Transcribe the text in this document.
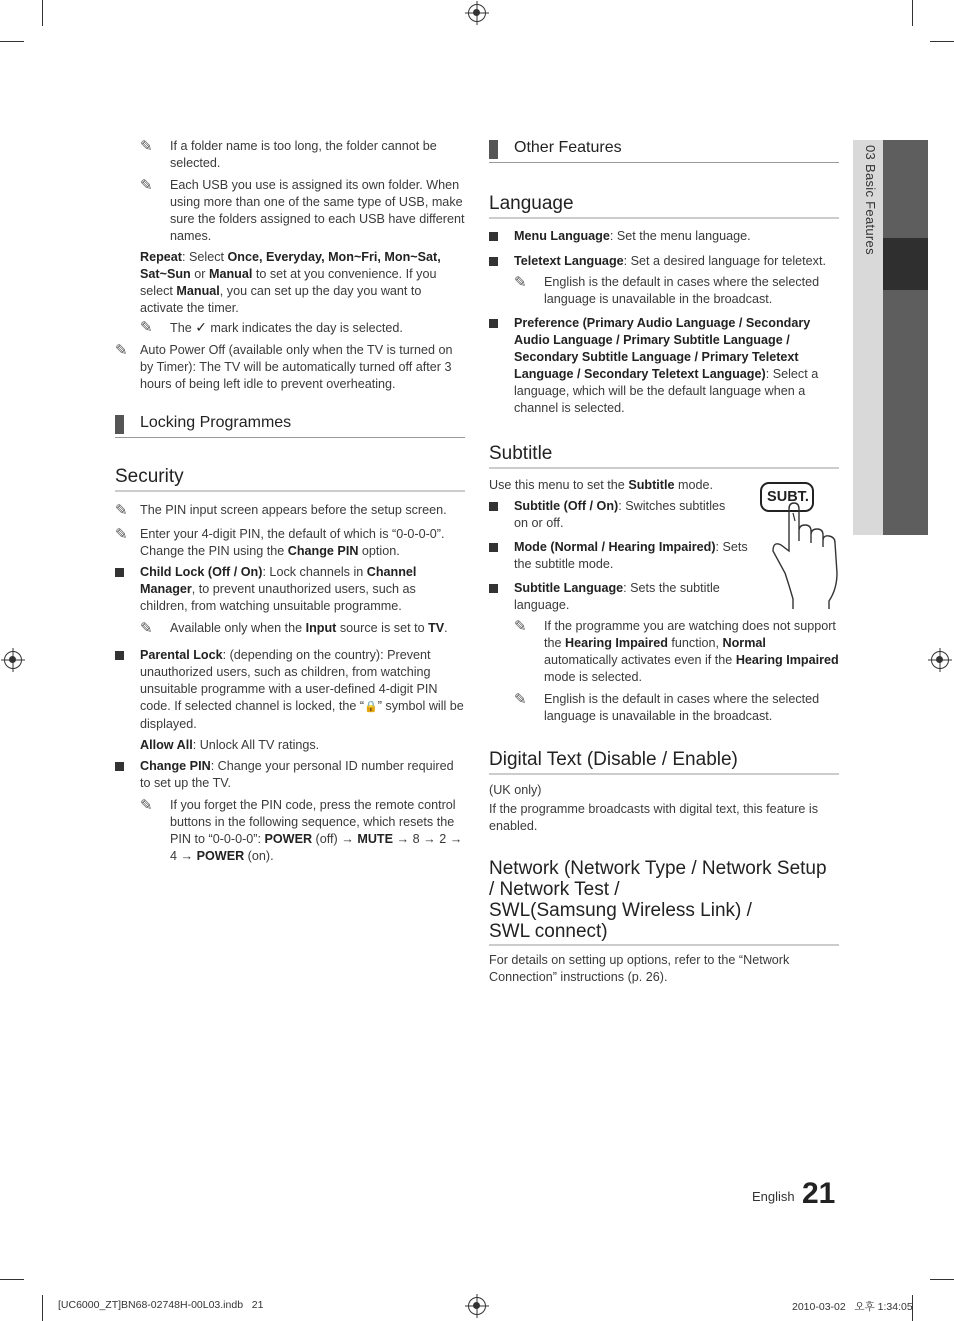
03 Basic Features
✎	If a folder name is too long, the folder cannot be selected.
✎	Each USB you use is assigned its own folder. When using more than one of the same type of USB, make sure the folders assigned to each USB have different names.

Repeat: Select Once, Everyday, Mon~Fri, Mon~Sat, Sat~Sun or Manual to set at you convenience. If you select Manual, you can set up the day you want to activate the timer.

✎	The ✓ mark indicates the day is selected.
✎ Auto Power Off (available only when the TV is turned on by Timer): The TV will be automatically turned off after 3 hours of being left idle to prevent overheating.
Locking Programmes
Security
✎ The PIN input screen appears before the setup screen.
✎ Enter your 4-digit PIN, the default of which is “0-0-0-0”. Change the PIN using the Change PIN option.
Child Lock (Off / On): Lock channels in Channel Manager, to prevent unauthorized users, such as children, from watching unsuitable programme.
✎	Available only when the Input source is set to TV.
Parental Lock: (depending on the country): Prevent unauthorized users, such as children, from watching unsuitable programme with a user-defined 4-digit PIN code. If selected channel is locked, the “🔒” symbol will be displayed.

Allow All: Unlock All TV ratings.

Change PIN: Change your personal ID number required to set up the TV.
✎	If you forget the PIN code, press the remote control buttons in the following sequence, which resets the PIN to “0-0-0-0”: POWER (off) → MUTE → 8 → 2 → 4 → POWER (on).
Other Features
Language
Menu Language: Set the menu language.
Teletext Language: Set a desired language for teletext.
✎	English is the default in cases where the selected language is unavailable in the broadcast.
Preference (Primary Audio Language / Secondary Audio Language / Primary Subtitle Language / Secondary Subtitle Language / Primary Teletext Language / Secondary Teletext Language): Select a language, which will be the default language when a channel is selected.
Subtitle
SUBT.

Use this menu to set the Subtitle mode.

Subtitle (Off / On): Switches subtitles on or off.
Mode (Normal / Hearing Impaired): Sets the subtitle mode.
Subtitle Language: Sets the subtitle language.
✎	If the programme you are watching does not support the Hearing Impaired function, Normal automatically activates even if the Hearing Impaired mode is selected.
✎	English is the default in cases where the selected language is unavailable in the broadcast.
Digital Text (Disable / Enable)

(UK only)

If the programme broadcasts with digital text, this feature is enabled.

Network (Network Type / Network Setup
/ Network Test /
SWL(Samsung Wireless Link) /
SWL connect)

For details on setting up options, refer to the “Network Connection” instructions (p. 26).

English 21
[UC6000_ZT]BN68-02748H-00L03.indb   21	2010-03-02   오후 1:34:05
